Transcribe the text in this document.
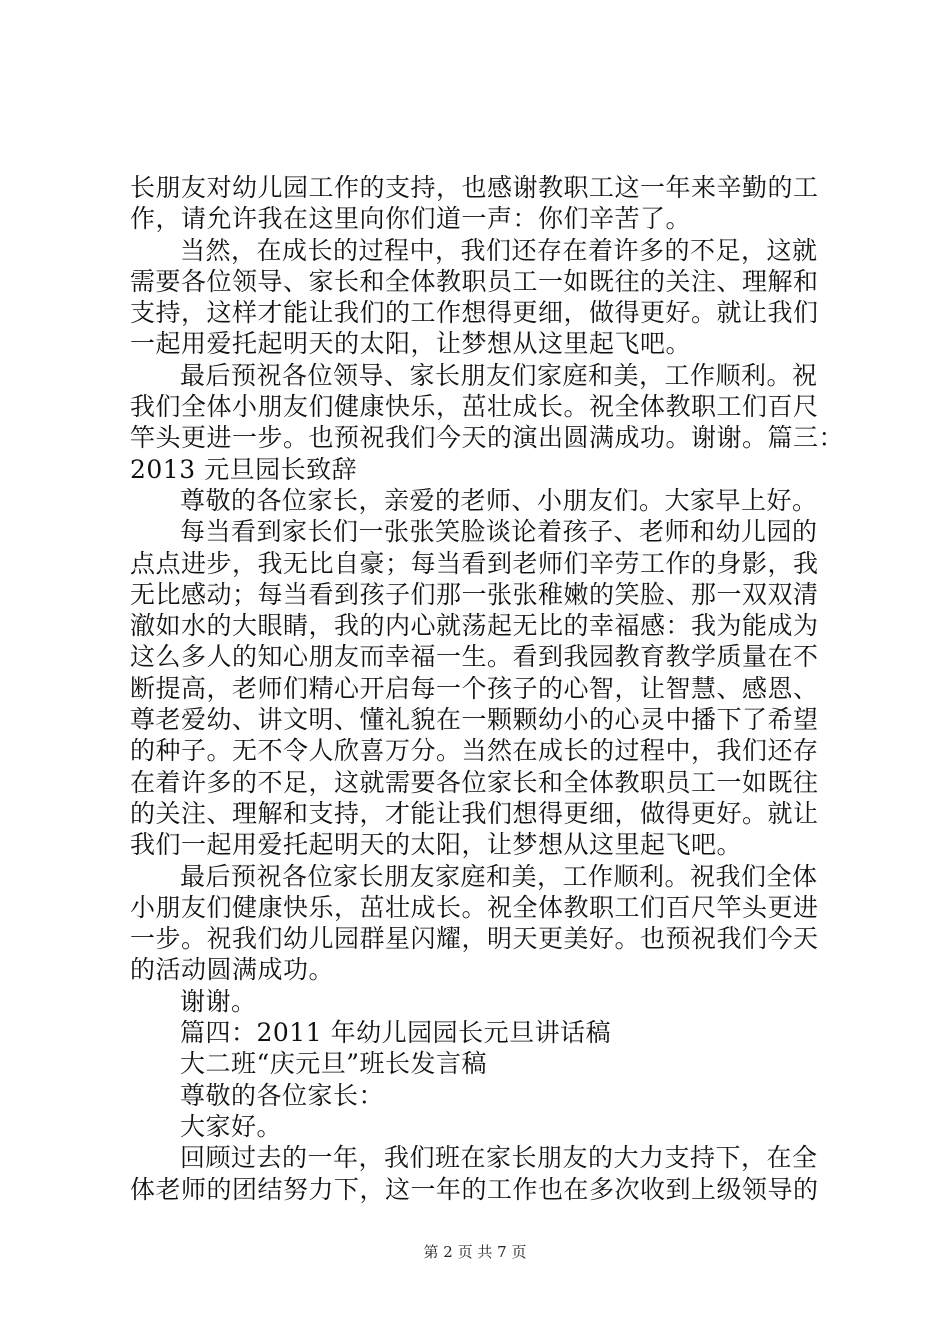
长朋友对幼儿园工作的支持，也感谢教职工这一年来辛勤的工
作，请允许我在这里向你们道一声：你们辛苦了。
当然，在成长的过程中，我们还存在着许多的不足，这就
需要各位领导、家长和全体教职员工一如既往的关注、理解和
支持，这样才能让我们的工作想得更细，做得更好。就让我们
一起用爱托起明天的太阳，让梦想从这里起飞吧。
最后预祝各位领导、家长朋友们家庭和美，工作顺利。祝
我们全体小朋友们健康快乐，茁壮成长。祝全体教职工们百尺
竿头更进一步。也预祝我们今天的演出圆满成功。谢谢。篇三：
2013 元旦园长致辞
尊敬的各位家长，亲爱的老师、小朋友们。大家早上好。
每当看到家长们一张张笑脸谈论着孩子、老师和幼儿园的
点点进步，我无比自豪；每当看到老师们辛劳工作的身影，我
无比感动；每当看到孩子们那一张张稚嫩的笑脸、那一双双清
澈如水的大眼睛，我的内心就荡起无比的幸福感：我为能成为
这么多人的知心朋友而幸福一生。看到我园教育教学质量在不
断提高，老师们精心开启每一个孩子的心智，让智慧、感恩、
尊老爱幼、讲文明、懂礼貌在一颗颗幼小的心灵中播下了希望
的种子。无不令人欣喜万分。当然在成长的过程中，我们还存
在着许多的不足，这就需要各位家长和全体教职员工一如既往
的关注、理解和支持，才能让我们想得更细，做得更好。就让
我们一起用爱托起明天的太阳，让梦想从这里起飞吧。
最后预祝各位家长朋友家庭和美，工作顺利。祝我们全体
小朋友们健康快乐，茁壮成长。祝全体教职工们百尺竿头更进
一步。祝我们幼儿园群星闪耀，明天更美好。也预祝我们今天
的活动圆满成功。
谢谢。
篇四：2011 年幼儿园园长元旦讲话稿
大二班“庆元旦”班长发言稿
尊敬的各位家长：
大家好。
回顾过去的一年，我们班在家长朋友的大力支持下，在全
体老师的团结努力下，这一年的工作也在多次收到上级领导的
第 2 页 共 7 页
